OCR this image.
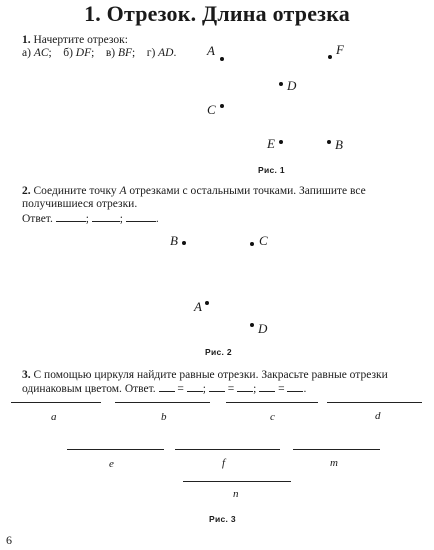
1. Отрезок. Длина отрезка
1. Начертите отрезок:
а) AC; б) DF; в) BF; г) AD. A	F
D
C
E	B
Рис. 1
2. Соедините точку A отрезками с остальными точками. Запишите все получившиеся отрезки.
Ответ.	; ;	.
B	C
A
D
Рис. 2
3. С помощью циркуля найдите равные отрезки. Закрасьте равные отрезки одинаковым цветом. Ответ. = ; = ; = .
a	b	c	d
e	f	m
n
Рис. 3
6
